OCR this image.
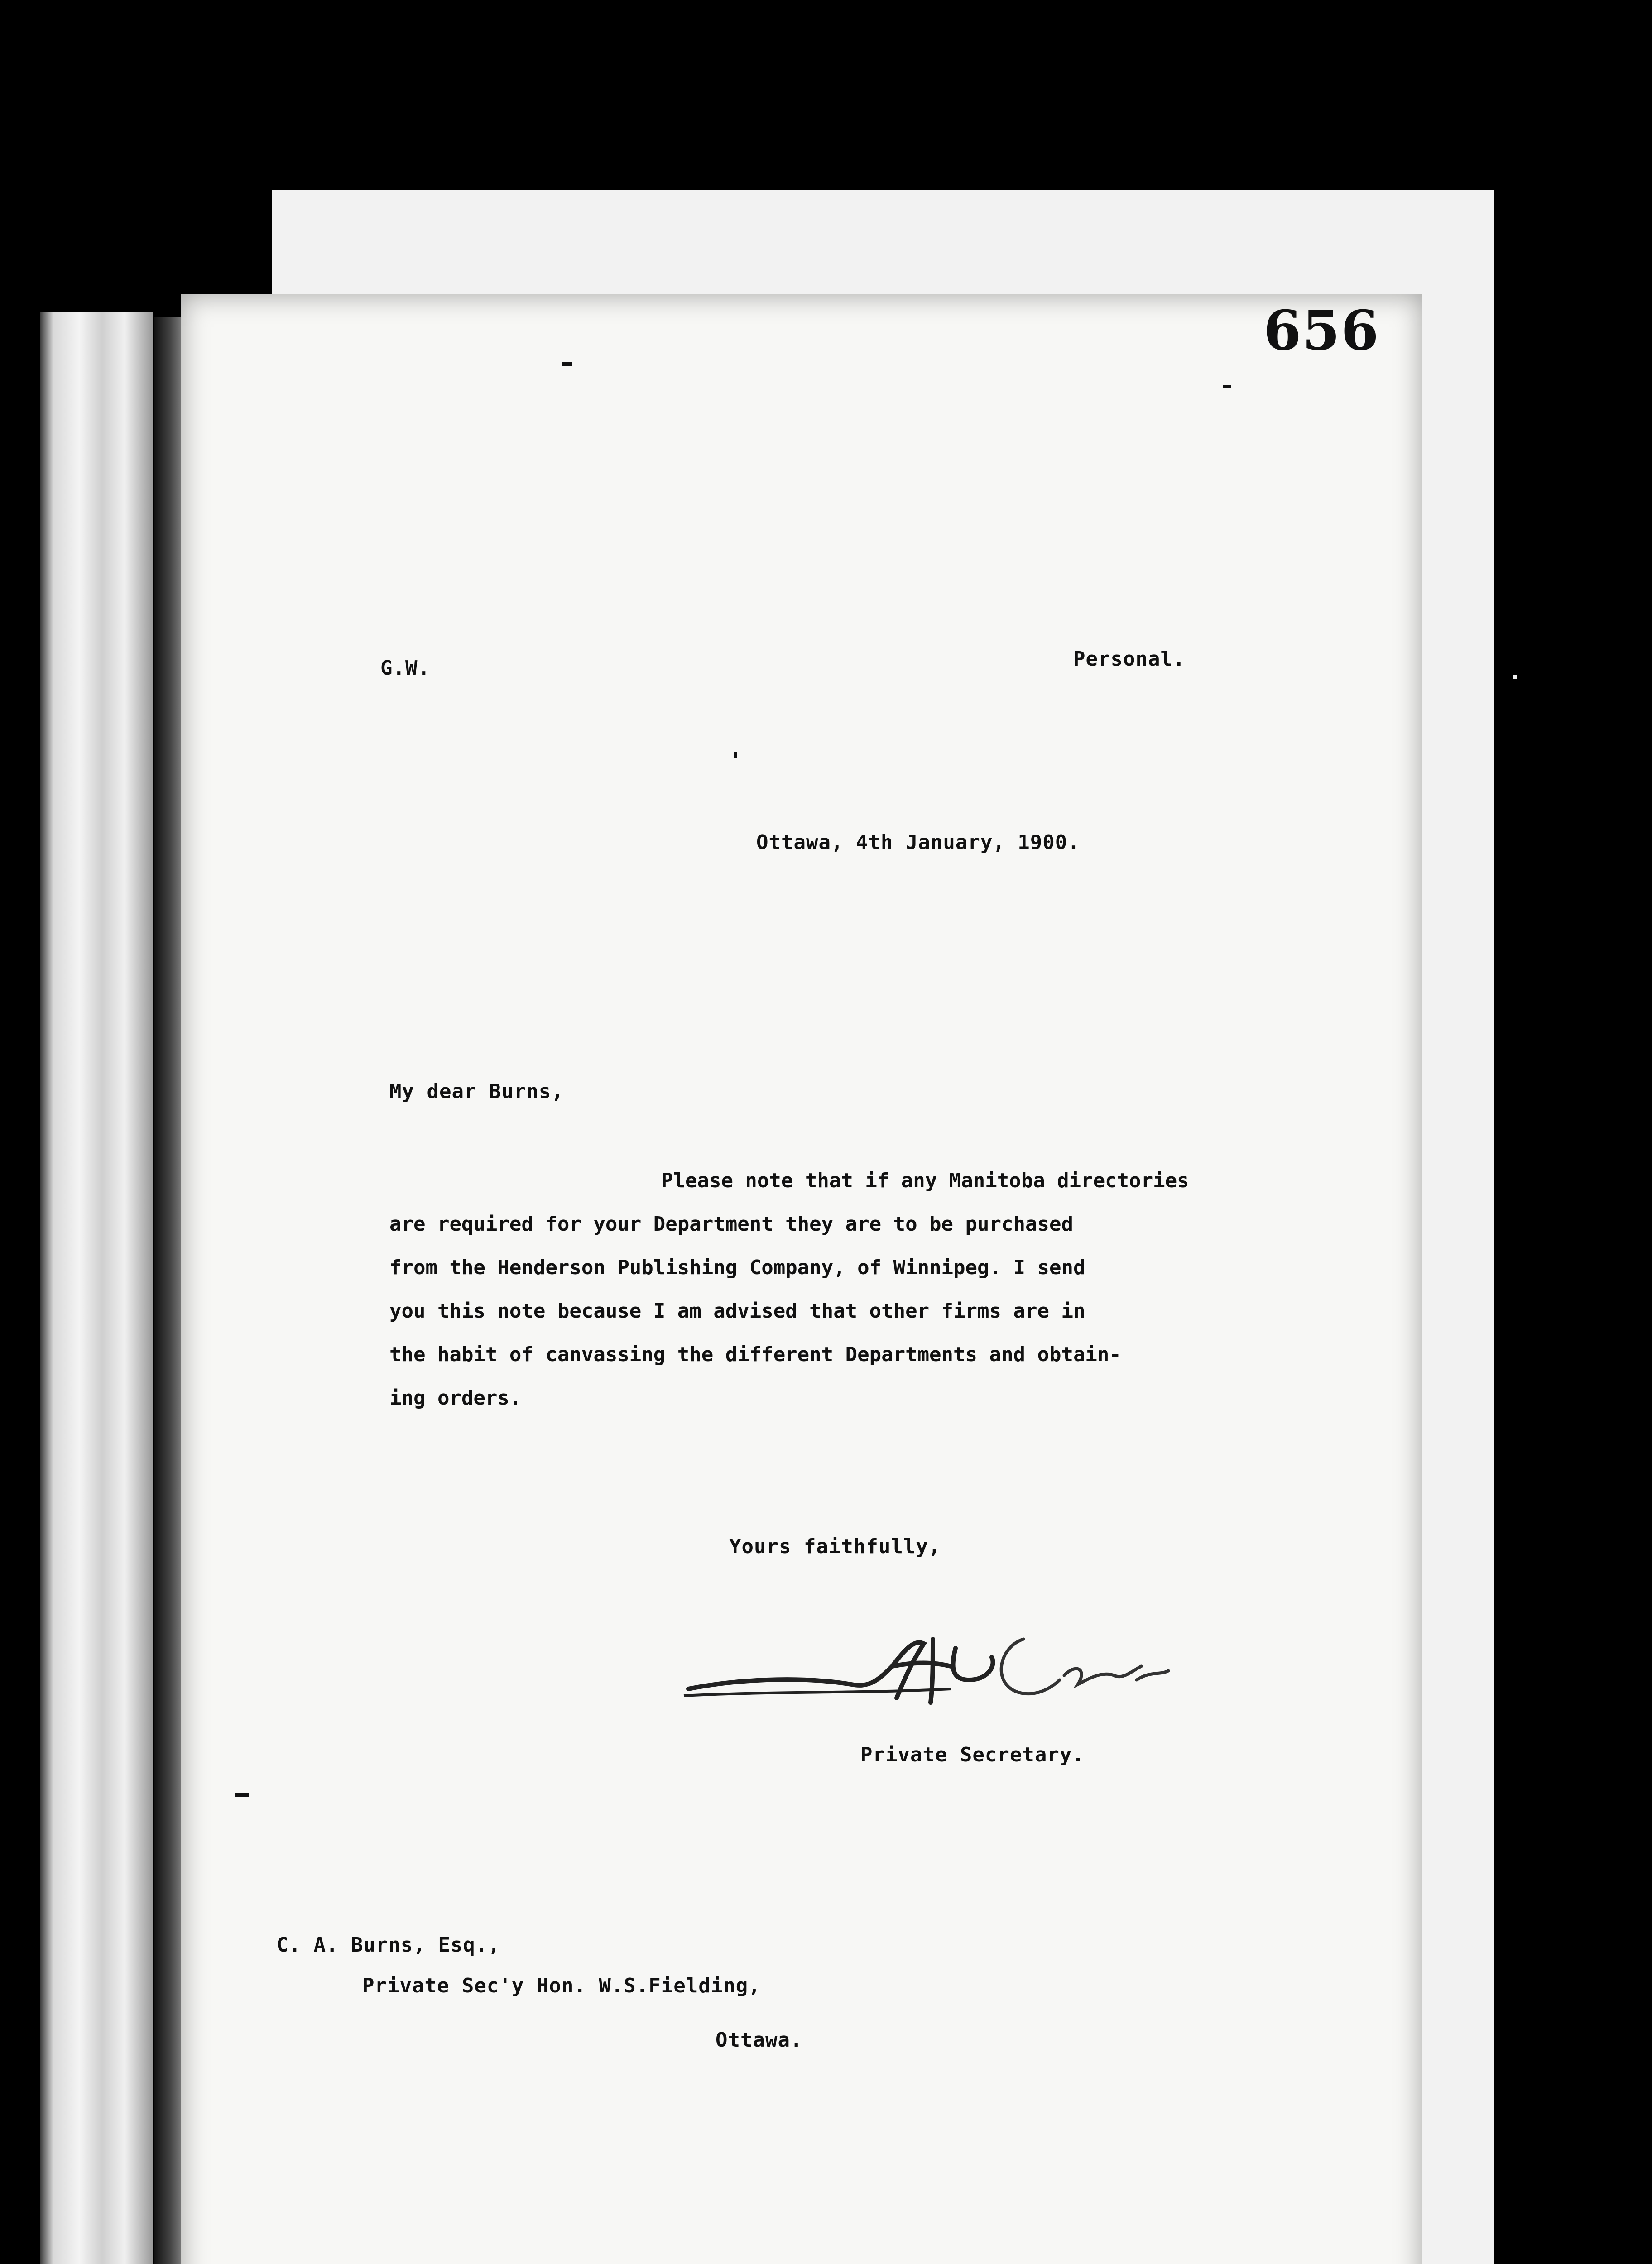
656
G.W.	Personal.
Ottawa, 4th January, 1900.
My dear Burns,
Please note that if any Manitoba directories
are required for your Department they are to be purchased
from the Henderson Publishing Company, of Winnipeg. I send
you this note because I am advised that other firms are in
the habit of canvassing the different Departments and obtain-
ing orders.
Yours faithfully,
Private Secretary.
C. A. Burns, Esq.,
Private Sec'y Hon. W.S.Fielding,
Ottawa.
